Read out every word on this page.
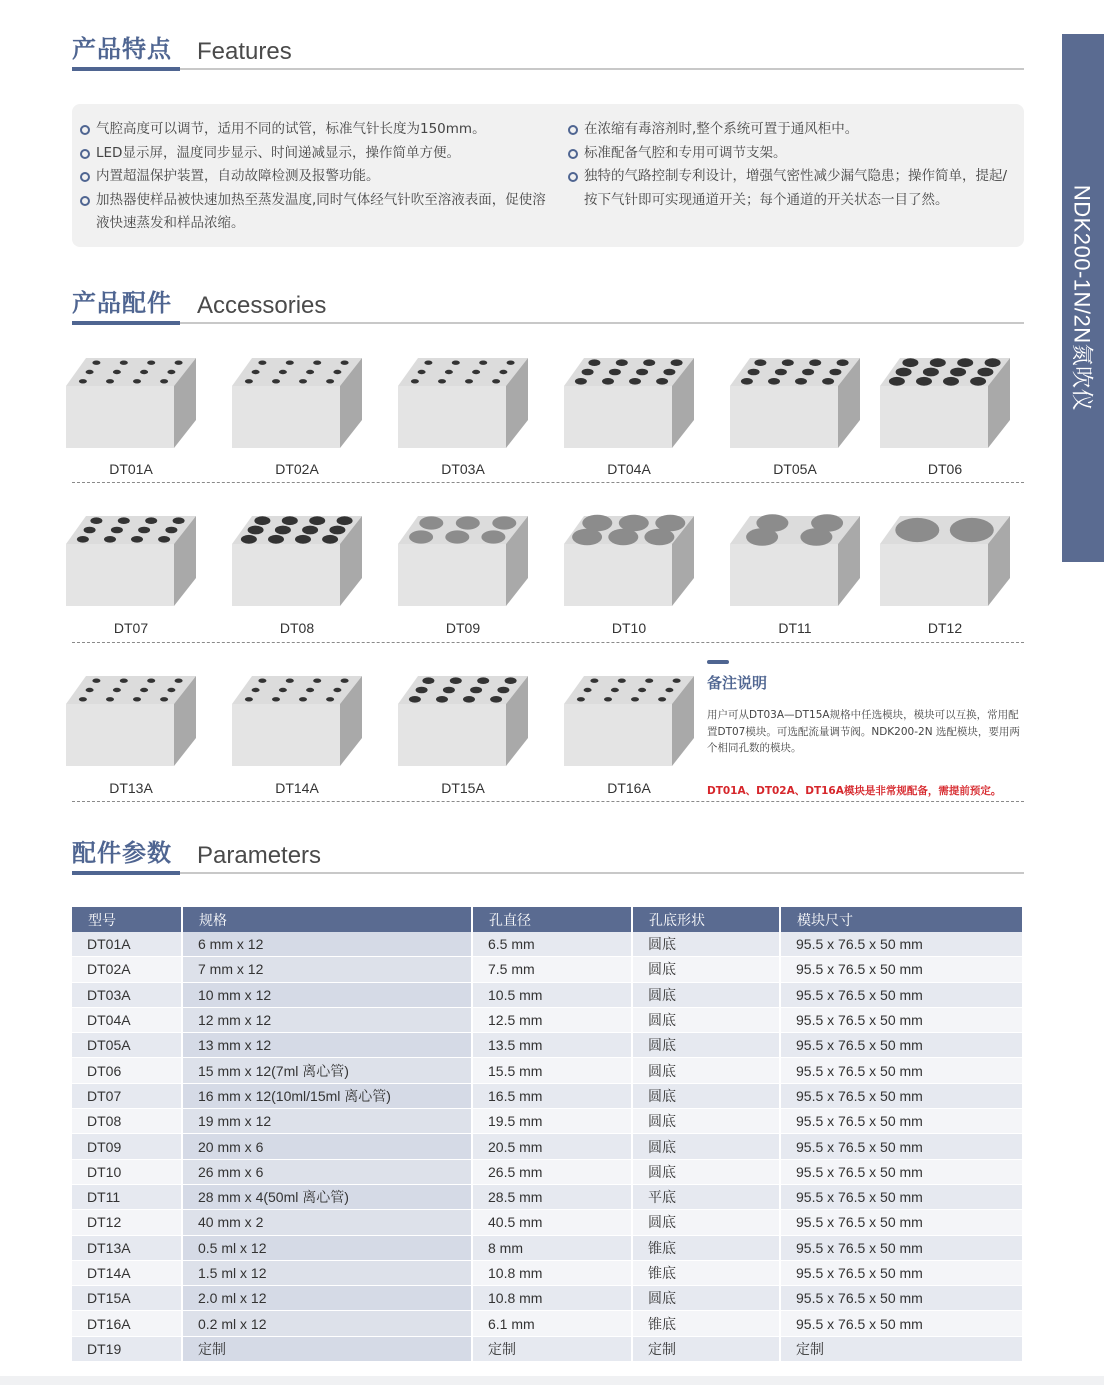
NDK200-1N/2N氮吹仪
产品特点 Features
气腔高度可以调节，适用不同的试管，标准气针长度为150mm。
LED显示屏，温度同步显示、时间递减显示，操作简单方便。
内置超温保护装置，自动故障检测及报警功能。
加热器使样品被快速加热至蒸发温度,同时气体经气针吹至溶液表面，促使溶液快速蒸发和样品浓缩。
在浓缩有毒溶剂时,整个系统可置于通风柜中。
标准配备气腔和专用可调节支架。
独特的气路控制专利设计，增强气密性减少漏气隐患；操作简单，提起/按下气针即可实现通道开关；每个通道的开关状态一目了然。
产品配件 Accessories
DT01A	DT02A	DT03A	DT04A	DT05A	DT06
DT07	DT08	DT09	DT10	DT11	DT12
DT13A	DT14A	DT15A	DT16A
备注说明
用户可从DT03A—DT15A规格中任选模块，模块可以互换，常用配置DT07模块。可选配流量调节阀。NDK200-2N 选配模块，要用两个相同孔数的模块。
DT01A、DT02A、DT16A模块是非常规配备，需提前预定。
配件参数 Parameters
型号	规格	孔直径	孔底形状	模块尺寸
DT01A	6 mm x 12	6.5 mm	圆底	95.5 x 76.5 x 50 mm
DT02A	7 mm x 12	7.5 mm	圆底	95.5 x 76.5 x 50 mm
DT03A	10 mm x 12	10.5 mm	圆底	95.5 x 76.5 x 50 mm
DT04A	12 mm x 12	12.5 mm	圆底	95.5 x 76.5 x 50 mm
DT05A	13 mm x 12	13.5 mm	圆底	95.5 x 76.5 x 50 mm
DT06	15 mm x 12(7ml 离心管)	15.5 mm	圆底	95.5 x 76.5 x 50 mm
DT07	16 mm x 12(10ml/15ml 离心管)	16.5 mm	圆底	95.5 x 76.5 x 50 mm
DT08	19 mm x 12	19.5 mm	圆底	95.5 x 76.5 x 50 mm
DT09	20 mm x 6	20.5 mm	圆底	95.5 x 76.5 x 50 mm
DT10	26 mm x 6	26.5 mm	圆底	95.5 x 76.5 x 50 mm
DT11	28 mm x 4(50ml 离心管)	28.5 mm	平底	95.5 x 76.5 x 50 mm
DT12	40 mm x 2	40.5 mm	圆底	95.5 x 76.5 x 50 mm
DT13A	0.5 ml x 12	8 mm	锥底	95.5 x 76.5 x 50 mm
DT14A	1.5 ml x 12	10.8 mm	锥底	95.5 x 76.5 x 50 mm
DT15A	2.0 ml x 12	10.8 mm	圆底	95.5 x 76.5 x 50 mm
DT16A	0.2 ml x 12	6.1 mm	锥底	95.5 x 76.5 x 50 mm
DT19	定制	定制	定制	定制
